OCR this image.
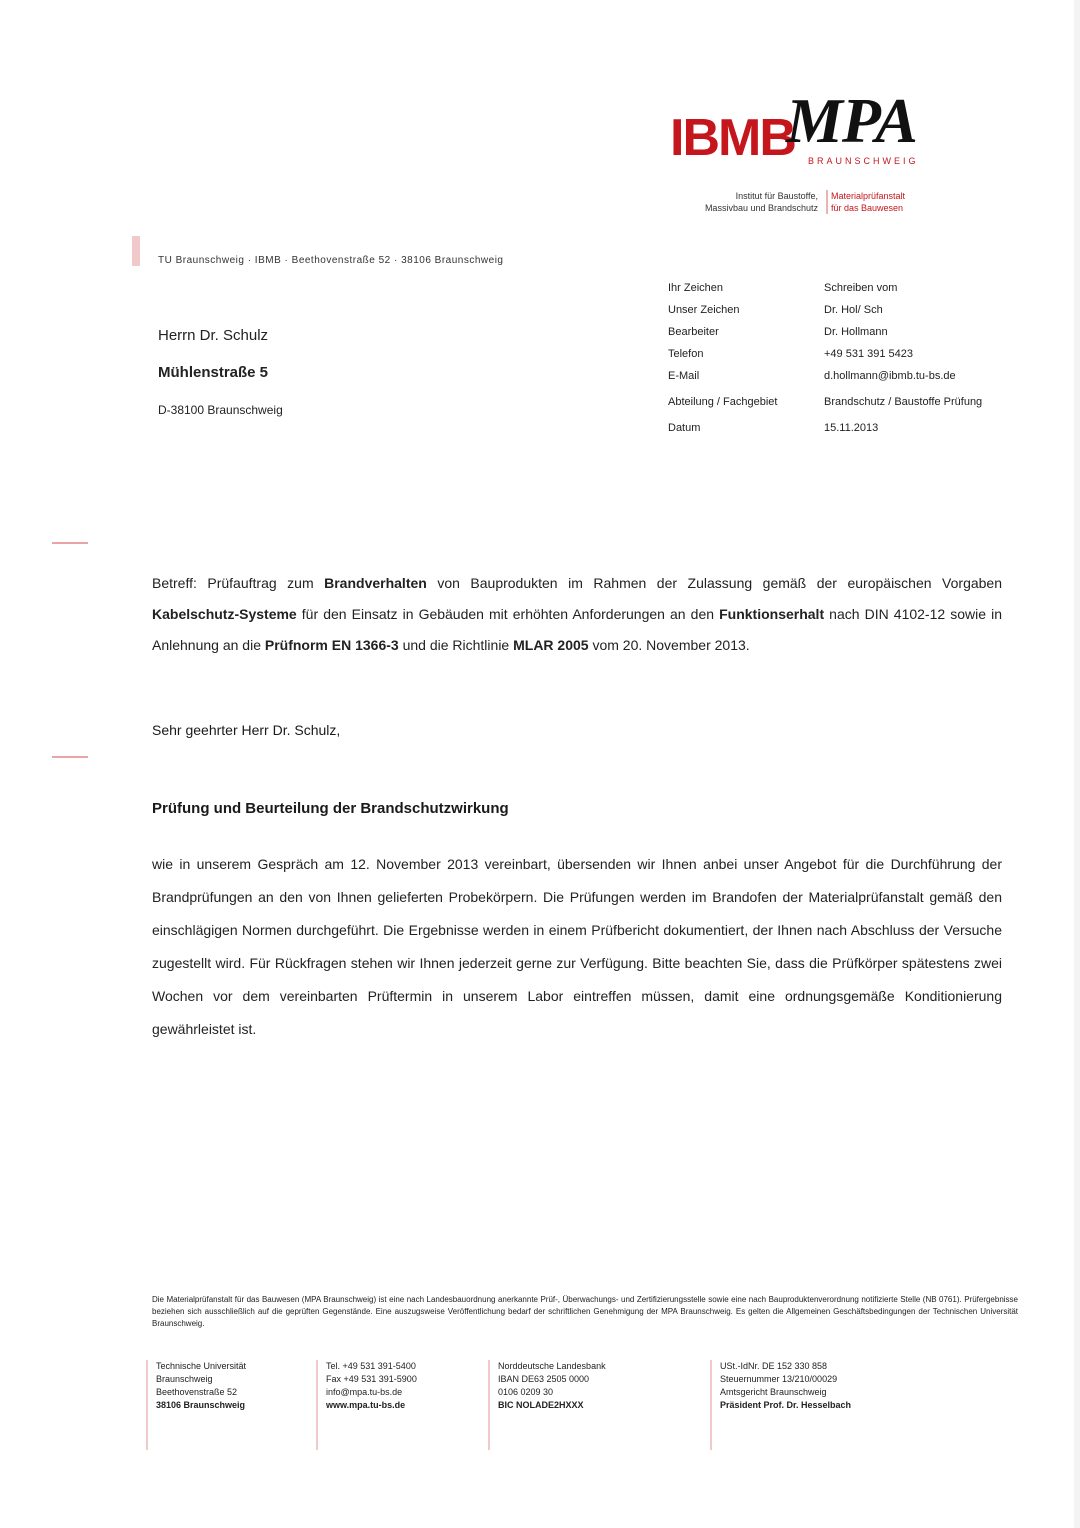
IBMB
MPA
BRAUNSCHWEIG
Institut für Baustoffe,
Massivbau und Brandschutz
Materialprüfanstalt
für das Bauwesen
TU Braunschweig · IBMB · Beethovenstraße 52 · 38106 Braunschweig
Herrn Dr. Schulz
Mühlenstraße 5
D-38100 Braunschweig
Ihr Zeichen	Schreiben vom
Unser Zeichen	Dr. Hol/ Sch
Bearbeiter	Dr. Hollmann
Telefon	+49 531 391 5423
E-Mail	d.hollmann@ibmb.tu-bs.de
Abteilung / Fachgebiet	Brandschutz / Baustoffe Prüfung
Datum	15.11.2013
Betreff: Prüfauftrag zum Brandverhalten von Bauprodukten im Rahmen der Zulassung gemäß der europäischen Vorgaben Kabelschutz-Systeme für den Einsatz in Gebäuden mit erhöhten Anforderungen an den Funktionserhalt nach DIN 4102-12 sowie in Anlehnung an die Prüfnorm EN 1366-3 und die Richtlinie MLAR 2005 vom 20. November 2013.
Sehr geehrter Herr Dr. Schulz,
Prüfung und Beurteilung der Brandschutzwirkung
wie in unserem Gespräch am 12. November 2013 vereinbart, übersenden wir Ihnen anbei unser Angebot für die Durchführung der Brandprüfungen an den von Ihnen gelieferten Probekörpern. Die Prüfungen werden im Brandofen der Materialprüfanstalt gemäß den einschlägigen Normen durchgeführt. Die Ergebnisse werden in einem Prüfbericht dokumentiert, der Ihnen nach Abschluss der Versuche zugestellt wird. Für Rückfragen stehen wir Ihnen jederzeit gerne zur Verfügung. Bitte beachten Sie, dass die Prüfkörper spätestens zwei Wochen vor dem vereinbarten Prüftermin in unserem Labor eintreffen müssen, damit eine ordnungsgemäße Konditionierung gewährleistet ist.
Die Materialprüfanstalt für das Bauwesen (MPA Braunschweig) ist eine nach Landesbauordnung anerkannte Prüf-, Überwachungs- und Zertifizierungsstelle sowie eine nach Bauproduktenverordnung notifizierte Stelle (NB 0761). Prüfergebnisse beziehen sich ausschließlich auf die geprüften Gegenstände. Eine auszugsweise Veröffentlichung bedarf der schriftlichen Genehmigung der MPA Braunschweig. Es gelten die Allgemeinen Geschäftsbedingungen der Technischen Universität Braunschweig.
Technische Universität
Braunschweig
Beethovenstraße 52
38106 Braunschweig
Tel. +49 531 391-5400
Fax +49 531 391-5900
info@mpa.tu-bs.de
www.mpa.tu-bs.de
Norddeutsche Landesbank
IBAN DE63 2505 0000
0106 0209 30
BIC NOLADE2HXXX
USt.-IdNr. DE 152 330 858
Steuernummer 13/210/00029
Amtsgericht Braunschweig
Präsident Prof. Dr. Hesselbach
